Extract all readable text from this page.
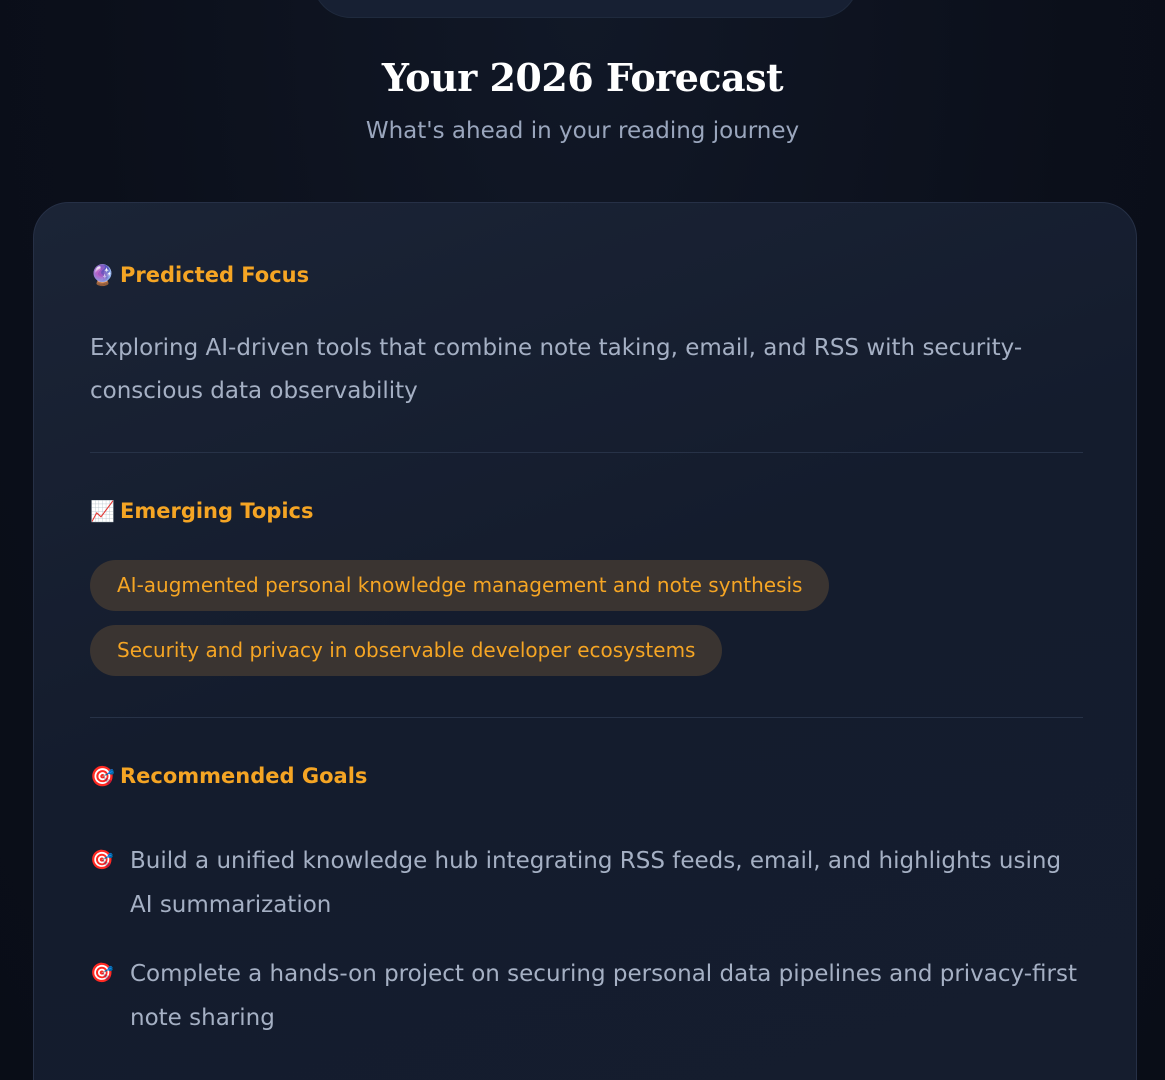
Your 2026 Forecast
What's ahead in your reading journey
🔮 Predicted Focus
Exploring AI-driven tools that combine note taking, email, and RSS with security-conscious data observability
📈 Emerging Topics
AI-augmented personal knowledge management and note synthesis
Security and privacy in observable developer ecosystems
🎯 Recommended Goals
🎯 Build a unified knowledge hub integrating RSS feeds, email, and highlights using AI summarization
🎯 Complete a hands-on project on securing personal data pipelines and privacy-first note sharing
